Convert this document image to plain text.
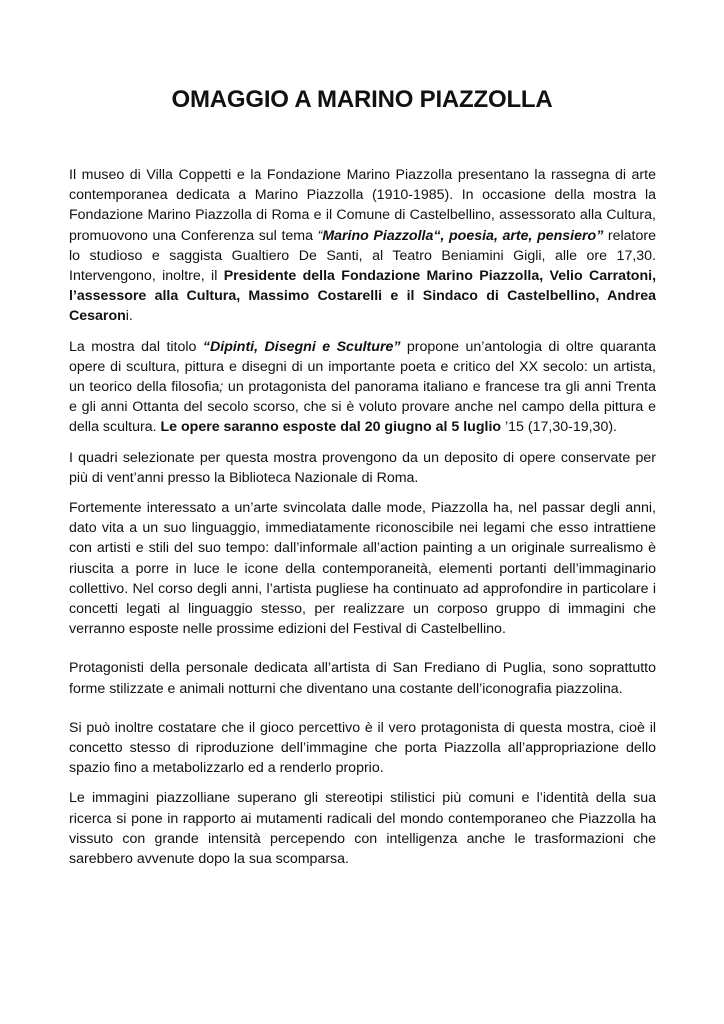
OMAGGIO A MARINO PIAZZOLLA

Il museo di Villa Coppetti e la Fondazione Marino Piazzolla presentano la rassegna di arte contemporanea dedicata a Marino Piazzolla (1910-1985). In occasione della mostra la Fondazione Marino Piazzolla di Roma e il Comune di Castelbellino, assessorato alla Cultura, promuovono una Conferenza sul tema “Marino Piazzolla“, poesia, arte, pensiero” relatore lo studioso e saggista Gualtiero De Santi, al Teatro Beniamini Gigli, alle ore 17,30. Intervengono, inoltre, il Presidente della Fondazione Marino Piazzolla, Velio Carratoni, l’assessore alla Cultura, Massimo Costarelli e il Sindaco di Castelbellino, Andrea Cesaroni.

La mostra dal titolo “Dipinti, Disegni e Sculture” propone un’antologia di oltre quaranta opere di scultura, pittura e disegni di un importante poeta e critico del XX secolo: un artista, un teorico della filosofia; un protagonista del panorama italiano e francese tra gli anni Trenta e gli anni Ottanta del secolo scorso, che si è voluto provare anche nel campo della pittura e della scultura. Le opere saranno esposte dal 20 giugno al 5 luglio ’15 (17,30-19,30).

I quadri selezionate per questa mostra provengono da un deposito di opere conservate per più di vent’anni presso la Biblioteca Nazionale di Roma.

Fortemente interessato a un’arte svincolata dalle mode, Piazzolla ha, nel passar degli anni, dato vita a un suo linguaggio, immediatamente riconoscibile nei legami che esso intrattiene con artisti e stili del suo tempo: dall’informale all’action painting a un originale surrealismo è riuscita a porre in luce le icone della contemporaneità, elementi portanti dell’immaginario collettivo. Nel corso degli anni, l’artista pugliese ha continuato ad approfondire in particolare i concetti legati al linguaggio stesso, per realizzare un corposo gruppo di immagini che verranno esposte nelle prossime edizioni del Festival di Castelbellino.

Protagonisti della personale dedicata all’artista di San Frediano di Puglia, sono soprattutto forme stilizzate e animali notturni che diventano una costante dell’iconografia piazzolina.

Si può inoltre costatare che il gioco percettivo è il vero protagonista di questa mostra, cioè il concetto stesso di riproduzione dell’immagine che porta Piazzolla all’appropriazione dello spazio fino a metabolizzarlo ed a renderlo proprio.

Le immagini piazzolliane superano gli stereotipi stilistici più comuni e l’identità della sua ricerca si pone in rapporto ai mutamenti radicali del mondo contemporaneo che Piazzolla ha vissuto con grande intensità percependo con intelligenza anche le trasformazioni che sarebbero avvenute dopo la sua scomparsa.
